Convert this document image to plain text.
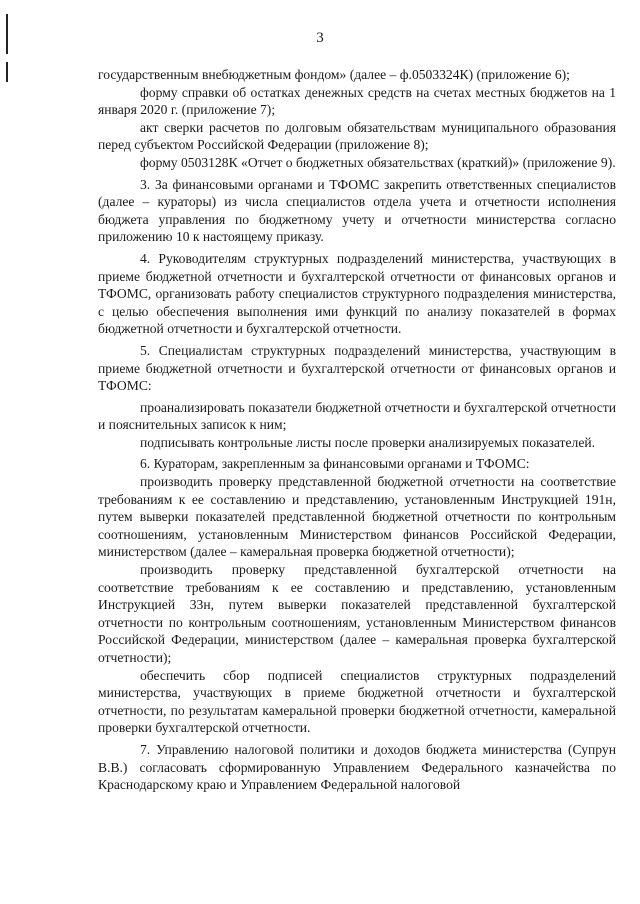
3

государственным внебюджетным фондом» (далее – ф.0503324К) (приложение 6);

форму справки об остатках денежных средств на счетах местных бюджетов на 1 января 2020 г. (приложение 7);

акт сверки расчетов по долговым обязательствам муниципального образования перед субъектом Российской Федерации (приложение 8);

форму 0503128К «Отчет о бюджетных обязательствах (краткий)» (приложение 9).

3. За финансовыми органами и ТФОМС закрепить ответственных специалистов (далее – кураторы) из числа специалистов отдела учета и отчетности исполнения бюджета управления по бюджетному учету и отчетности министерства согласно приложению 10 к настоящему приказу.

4. Руководителям структурных подразделений министерства, участвующих в приеме бюджетной отчетности и бухгалтерской отчетности от финансовых органов и ТФОМС, организовать работу специалистов структурного подразделения министерства, с целью обеспечения выполнения ими функций по анализу показателей в формах бюджетной отчетности и бухгалтерской отчетности.

5. Специалистам структурных подразделений министерства, участвующим в приеме бюджетной отчетности и бухгалтерской отчетности от финансовых органов и ТФОМС:

проанализировать показатели бюджетной отчетности и бухгалтерской отчетности и пояснительных записок к ним;

подписывать контрольные листы после проверки анализируемых показателей.

6. Кураторам, закрепленным за финансовыми органами и ТФОМС:

производить проверку представленной бюджетной отчетности на соответствие требованиям к ее составлению и представлению, установленным Инструкцией 191н, путем выверки показателей представленной бюджетной отчетности по контрольным соотношениям, установленным Министерством финансов Российской Федерации, министерством (далее – камеральная проверка бюджетной отчетности);

производить проверку представленной бухгалтерской отчетности на соответствие требованиям к ее составлению и представлению, установленным Инструкцией 33н, путем выверки показателей представленной бухгалтерской отчетности по контрольным соотношениям, установленным Министерством финансов Российской Федерации, министерством (далее – камеральная проверка бухгалтерской отчетности);

обеспечить сбор подписей специалистов структурных подразделений министерства, участвующих в приеме бюджетной отчетности и бухгалтерской отчетности, по результатам камеральной проверки бюджетной отчетности, камеральной проверки бухгалтерской отчетности.

7. Управлению налоговой политики и доходов бюджета министерства (Супрун В.В.) согласовать сформированную Управлением Федерального казначейства по Краснодарскому краю и Управлением Федеральной налоговой
